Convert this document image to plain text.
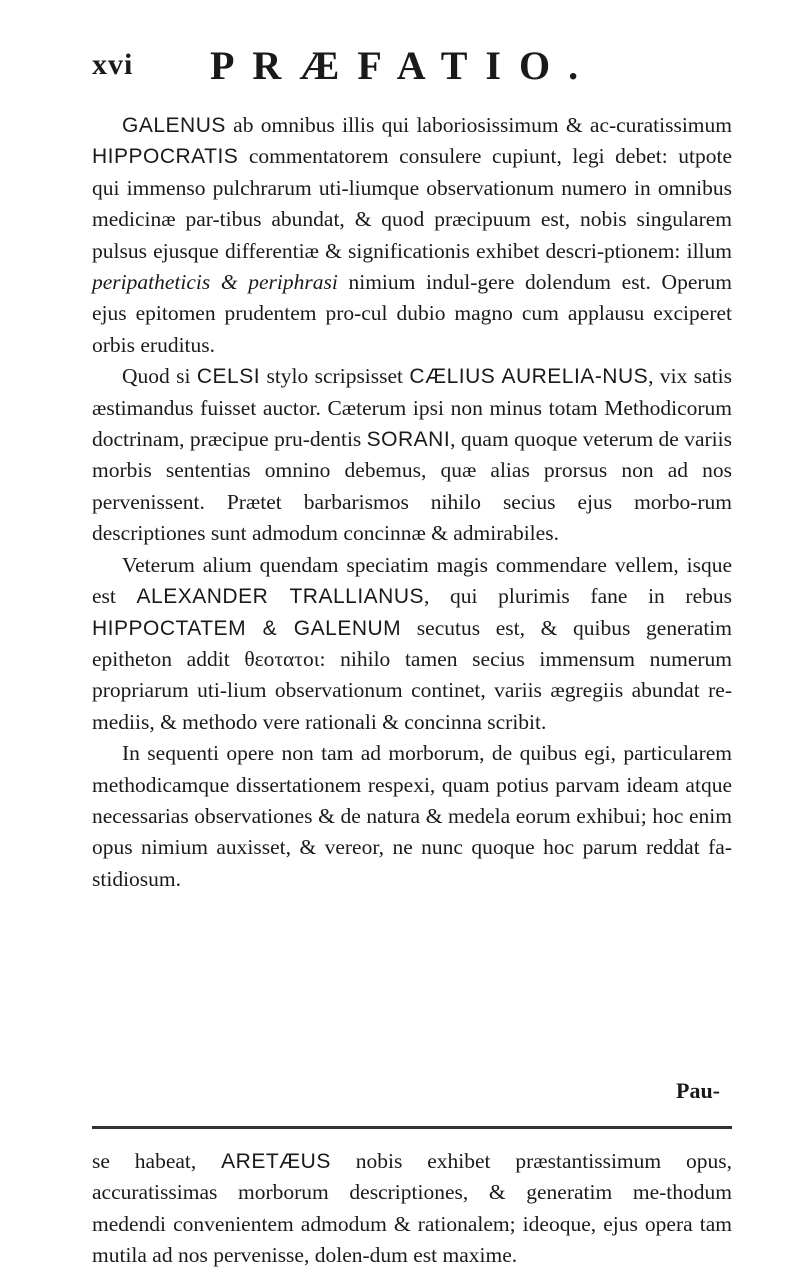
xvi PRÆFATIO.

GALENUS ab omnibus illis qui laboriosissimum & ac-curatissimum HIPPOCRATIS commentatorem consulere cupiunt, legi debet: utpote qui immenso pulchrarum uti-liumque observationum numero in omnibus medicinæ par-tibus abundat, & quod præcipuum est, nobis singularem pulsus ejusque differentiæ & significationis exhibet descri-ptionem: illum peripatheticis & periphrasi nimium indul-gere dolendum est. Operum ejus epitomen prudentem pro-cul dubio magno cum applausu exciperet orbis eruditus.

Quod si CELSI stylo scripsisset CÆLIUS AURELIA-NUS, vix satis æstimandus fuisset auctor. Cæterum ipsi non minus totam Methodicorum doctrinam, præcipue pru-dentis SORANI, quam quoque veterum de variis morbis sententias omnino debemus, quæ alias prorsus non ad nos pervenissent. Prætet barbarismos nihilo secius ejus morbo-rum descriptiones sunt admodum concinnæ & admirabiles.

Veterum alium quendam speciatim magis commendare vellem, isque est ALEXANDER TRALLIANUS, qui plurimis fane in rebus HIPPOCTATEM & GALENUM secutus est, & quibus generatim epitheton addit θεοτατοι: nihilo tamen secius immensum numerum propriarum uti-lium observationum continet, variis ægregiis abundat re-mediis, & methodo vere rationali & concinna scribit.

In sequenti opere non tam ad morborum, de quibus egi, particularem methodicamque dissertationem respexi, quam potius parvam ideam atque necessarias observationes & de natura & medela eorum exhibui; hoc enim opus nimium auxisset, & vereor, ne nunc quoque hoc parum reddat fa-stidiosum.

Pau-

se habeat, ARETÆUS nobis exhibet præstantissimum opus, accuratissimas morborum descriptiones, & generatim me-thodum medendi convenientem admodum & rationalem; ideoque, ejus opera tam mutila ad nos pervenisse, dolen-dum est maxime.
